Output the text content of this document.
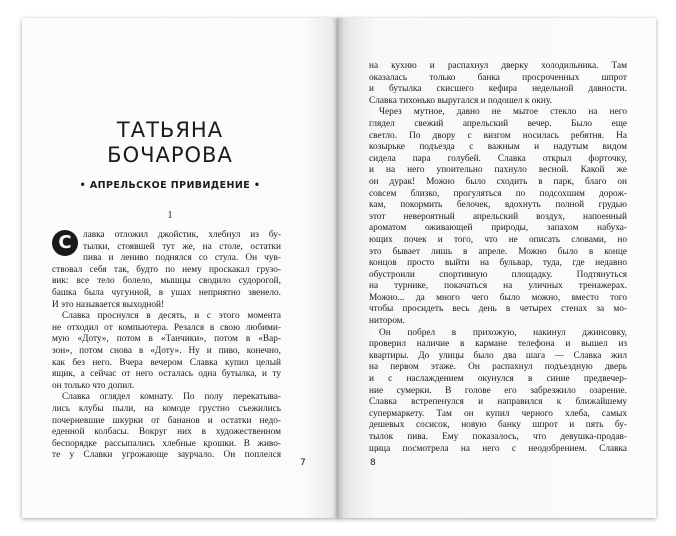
ТАТЬЯНА
БОЧАРОВА
• АПРЕЛЬСКОЕ ПРИВИДЕНИЕ •
1
С	лавка отложил джойстик, хлебнул из бу-
тылки, стоявшей тут же, на столе, остатки
пива и лениво поднялся со стула. Он чув-
ствовал себя так, будто по нему проскакал грузо-
вик: все тело болело, мышцы сводило судорогой,
башка была чугунной, в ушах неприятно звенело.
И это называется выходной!
Славка проснулся в десять, и с этого момента
не отходил от компьютера. Резался в свою любими-
мую «Доту», потом в «Танчики», потом в «Вар-
зон», потом снова в «Доту». Ну и пиво, конечно,
как без него. Вчера вечером Славка купил целый
ящик, а сейчас от него осталась одна бутылка, и ту
он только что допил.
Славка оглядел комнату. По полу перекатыва-
лись клубы пыли, на комоде грустно съежились
почерневшие шкурки от бананов и остатки недо-
еденной колбасы. Вокруг них в художественном
беспорядке рассыпались хлебные крошки. В живо-
те у Славки угрожающе заурчало. Он поплелся
на кухню и распахнул дверку холодильника. Там
оказалась только банка просроченных шпрот
и бутылка скисшего кефира недельной давности.
Славка тихонько выругался и подошел к окну.
Через мутное, давно не мытое стекло на него
глядел свежий апрельский вечер. Было еще
светло. По двору с визгом носилась ребятня. На
козырьке подъезда с важным и надутым видом
сидела пара голубей. Славка открыл форточку,
и на него упоительно пахнуло весной. Какой же
он дурак! Можно было сходить в парк, благо он
совсем близко, прогуляться по подсохшим дорож-
кам, покормить белочек, вдохнуть полной грудью
этот невероятный апрельский воздух, напоенный
ароматом оживающей природы, запахом набуха-
ющих почек и того, что не описать словами, но
это бывает лишь в апреле. Можно было в конце
концов просто выйти на бульвар, туда, где недавно
обустроили спортивную площадку. Подтянуться
на турнике, покачаться на уличных тренажерах.
Можно... да много чего было можно, вместо того
чтобы просидеть весь день в четырех стенах за мо-
нитором.
Он побрел в прихожую, накинул джинсовку,
проверил наличие в кармане телефона и вышел из
квартиры. До улицы было два шага — Славка жил
на первом этаже. Он распахнул подъездную дверь
и с наслаждением окунулся в синие предвечер-
ние сумерки. В голове его забрезжило озарение.
Славка встрепенулся и направился к ближайшему
супермаркету. Там он купил черного хлеба, самых
дешевых сосисок, новую банку шпрот и пять бу-
тылок пива. Ему показалось, что девушка-продав-
щица посмотрела на него с неодобрением. Славка
7	8
